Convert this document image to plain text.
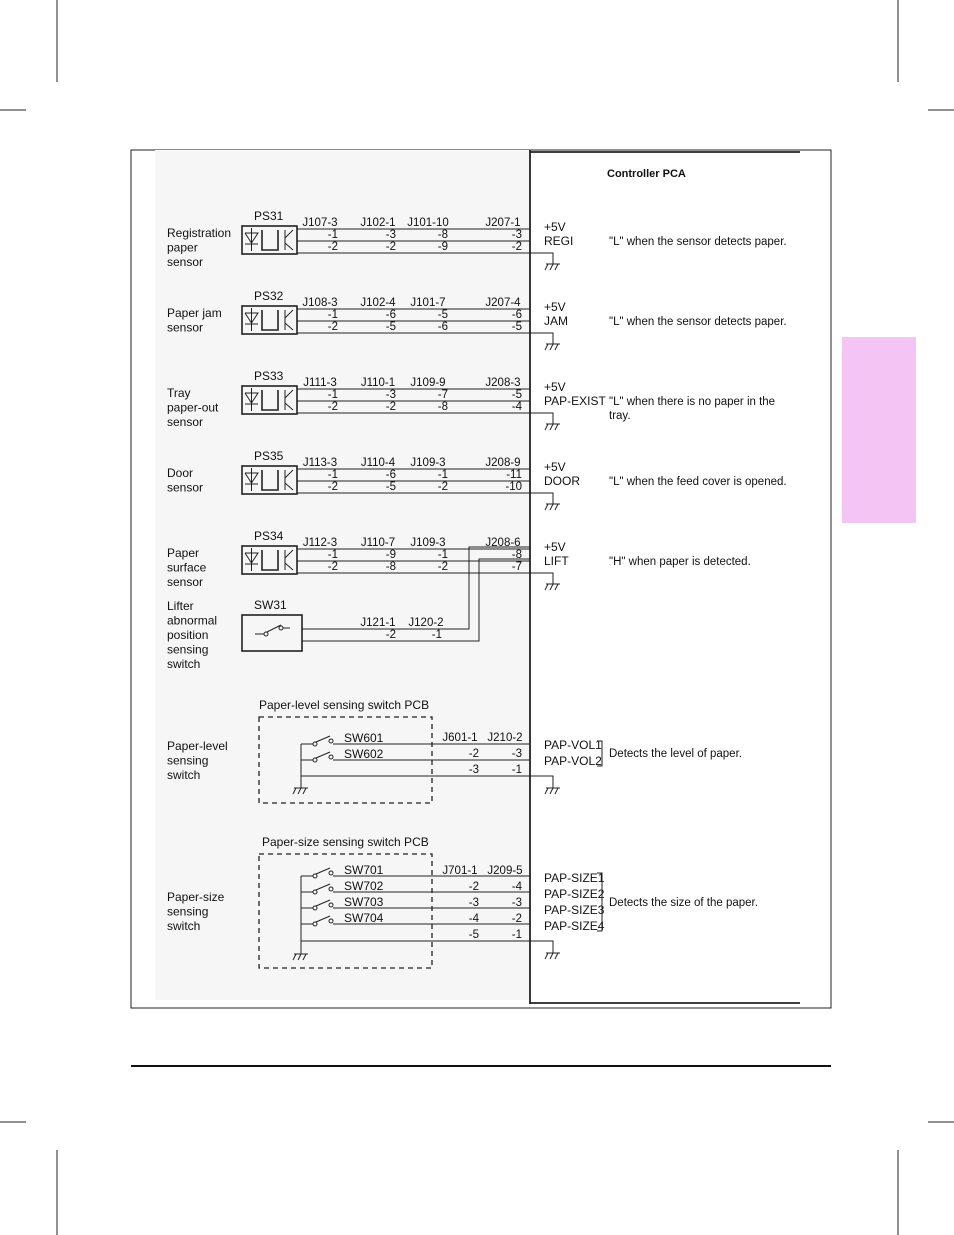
Controller PCA
Registration
paper
sensor
PS31 J107-3 J102-1 J101-10	J207-1
-1	-3	-8	-3
-2	-2	-9	-2
+5V
REGI	"L" when the sensor detects paper.
Paper jam
sensor
PS32 J108-3 J102-4 J101-7	J207-4
-1	-6	-5	-6
-2	-5	-6	-5
+5V
JAM	"L" when the sensor detects paper.
Tray
paper-out
sensor
PS33 J111-3 J110-1 J109-9	J208-3
-1	-3	-7	-5
-2	-2	-8	-4
+5V
PAP-EXIST "L" when there is no paper in the
tray.
Door
sensor
PS35 J113-3 J110-4 J109-3	J208-9
-1	-6	-1	-11
-2	-5	-2	-10
+5V
DOOR	"L" when the feed cover is opened.
Paper
surface
sensor
PS34 J112-3 J110-7 J109-3	J208-6
-1	-9	-1	-8
-2	-8	-2	-7
+5V
LIFT	"H" when paper is detected.
Lifter
abnormal
position
sensing
switch
SW31
J121-1 J120-2
-2	-1
Paper-level sensing switch PCB
Paper-level
sensing
switch
SW601
SW602
J601-1 J210-2
-2	-3
-3	-1
PAP-VOL1
PAP-VOL2 Detects the level of paper.
Paper-size sensing switch PCB
Paper-size
sensing
switch
SW701
SW702
SW703
SW704
J701-1 J209-5
-2	-4
-3	-3
-4	-2
-5	-1
PAP-SIZE1
PAP-SIZE2
PAP-SIZE3
PAP-SIZE4
Detects the size of the paper.
